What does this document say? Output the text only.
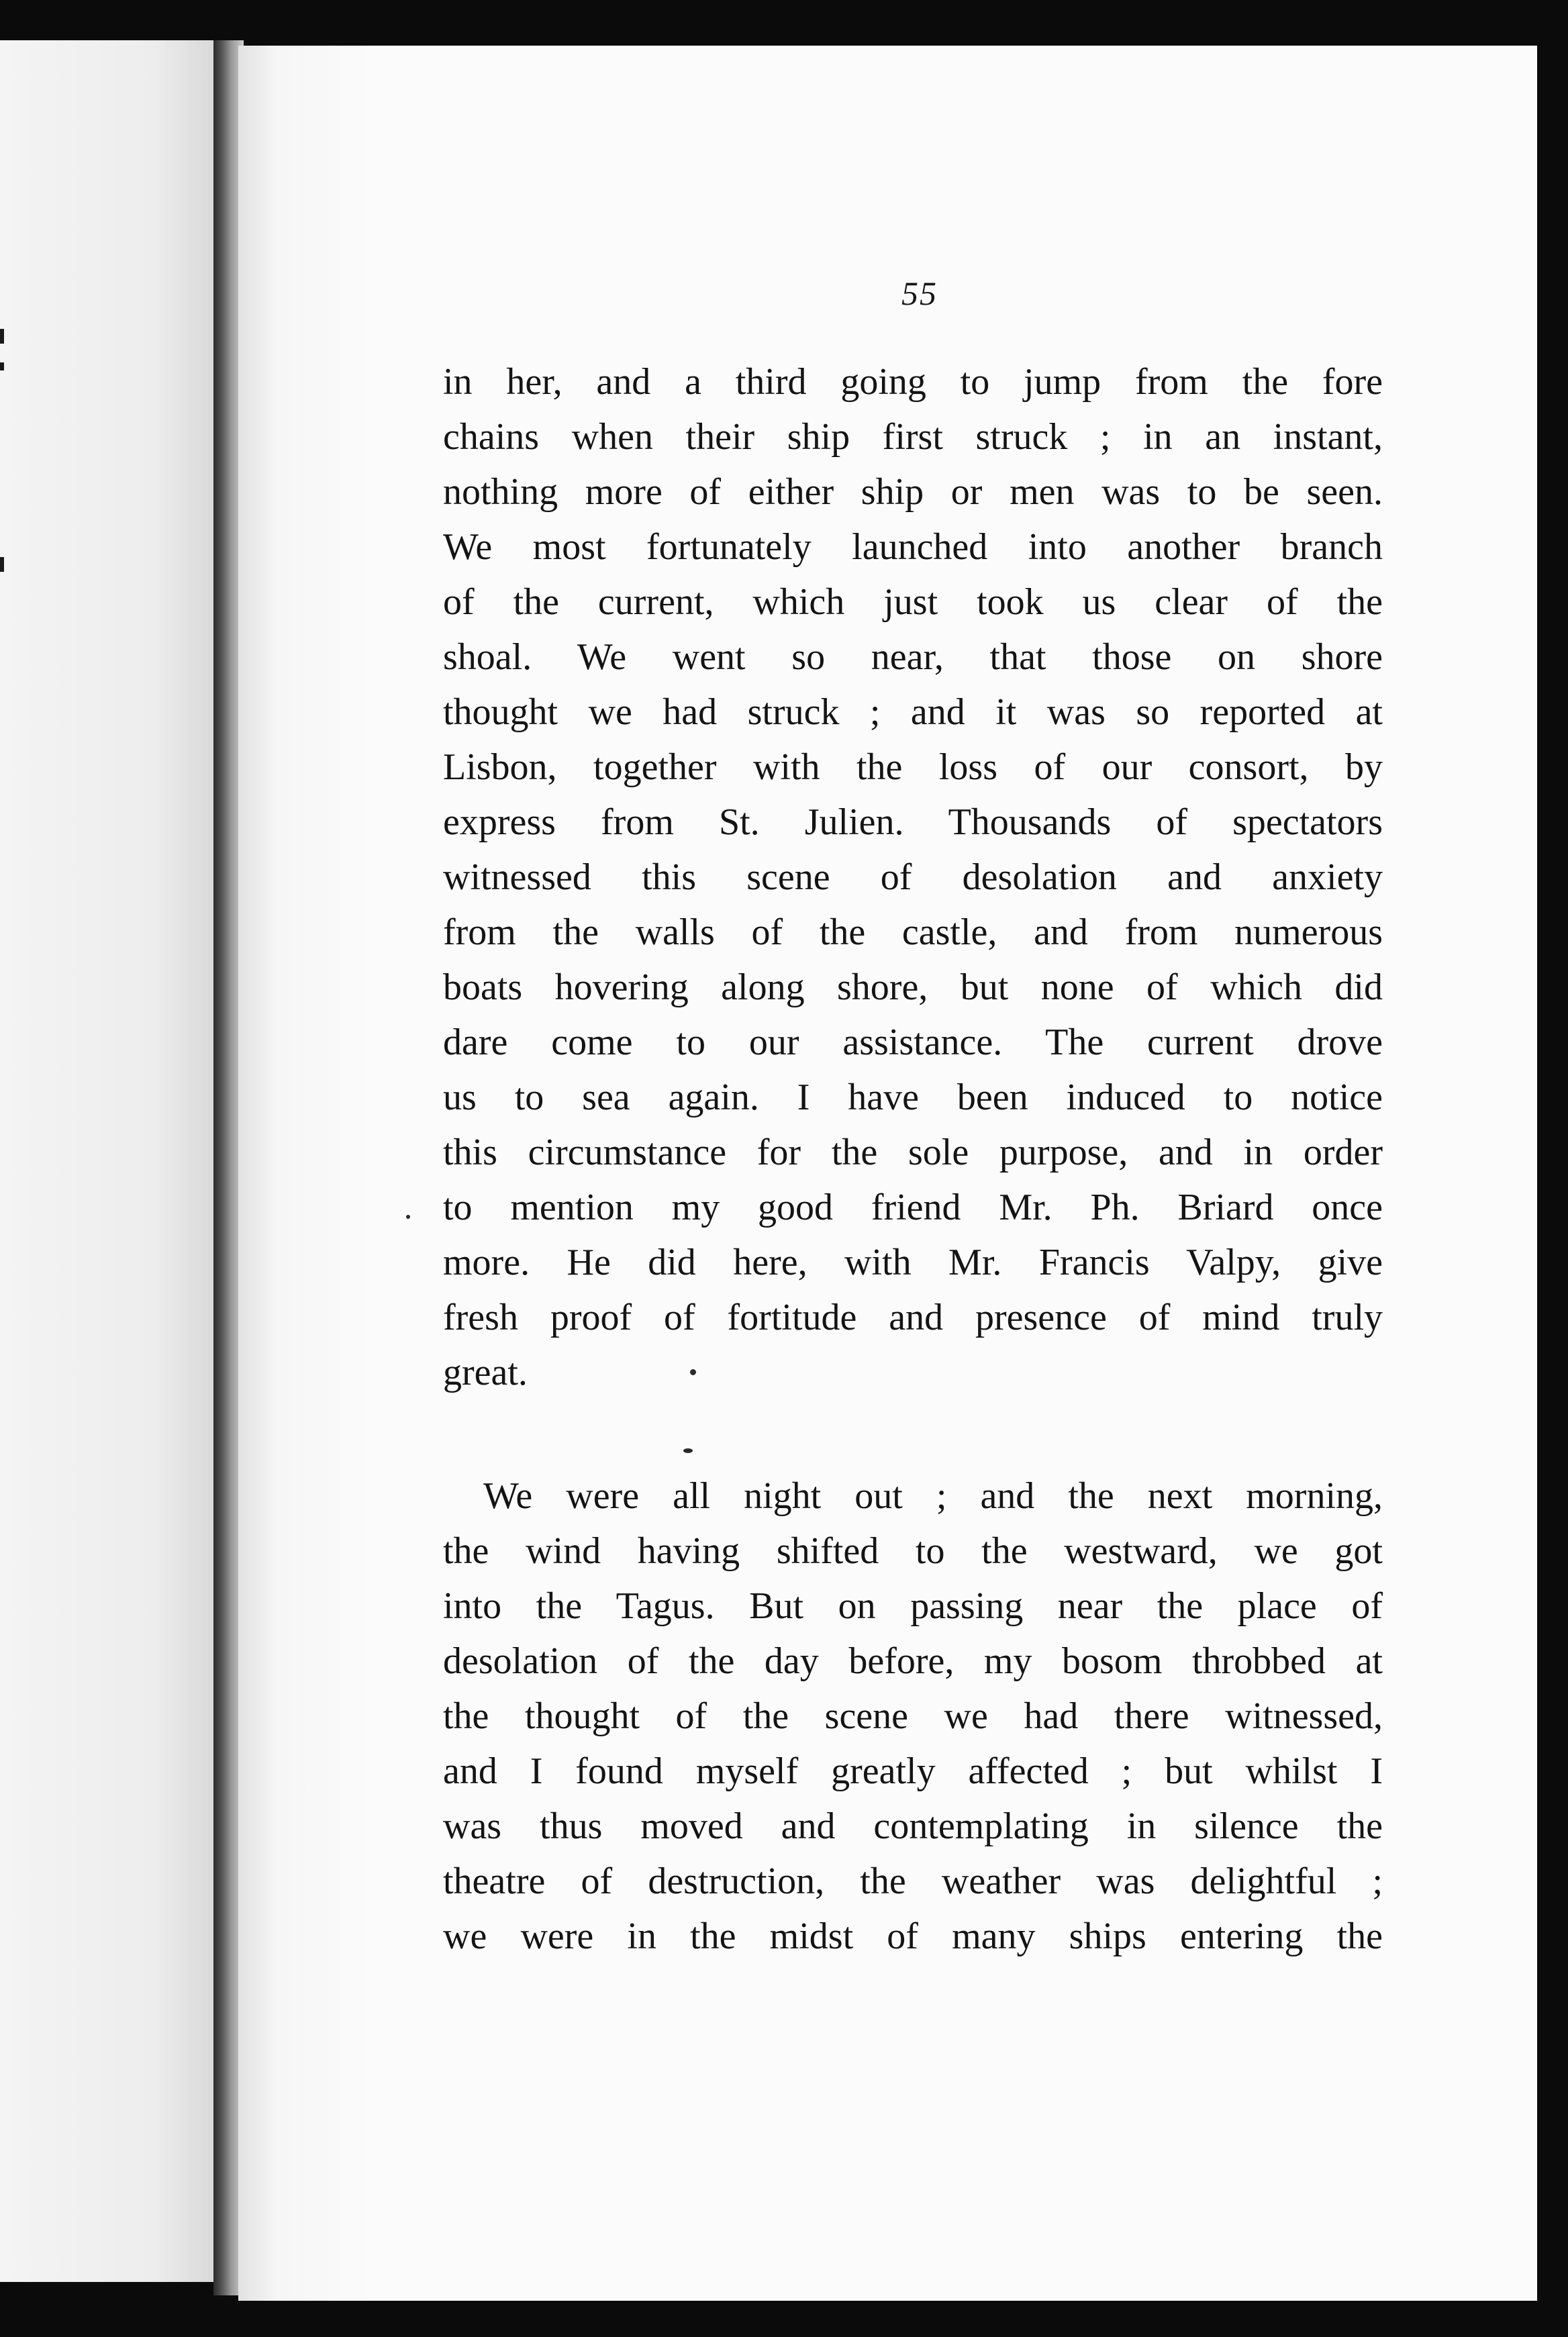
55
in her, and a third going to jump from the fore
chains when their ship first struck ; in an instant,
nothing more of either ship or men was to be seen.
We most fortunately launched into another branch
of the current, which just took us clear of the
shoal. We went so near, that those on shore
thought we had struck ; and it was so reported at
Lisbon, together with the loss of our consort, by
express from St. Julien. Thousands of spectators
witnessed this scene of desolation and anxiety
from the walls of the castle, and from numerous
boats hovering along shore, but none of which did
dare come to our assistance. The current drove
us to sea again. I have been induced to notice
this circumstance for the sole purpose, and in order
to mention my good friend Mr. Ph. Briard once
more. He did here, with Mr. Francis Valpy, give
fresh proof of fortitude and presence of mind truly
great.
We were all night out ; and the next morning,
the wind having shifted to the westward, we got
into the Tagus. But on passing near the place of
desolation of the day before, my bosom throbbed at
the thought of the scene we had there witnessed,
and I found myself greatly affected ; but whilst I
was thus moved and contemplating in silence the
theatre of destruction, the weather was delightful ;
we were in the midst of many ships entering the
